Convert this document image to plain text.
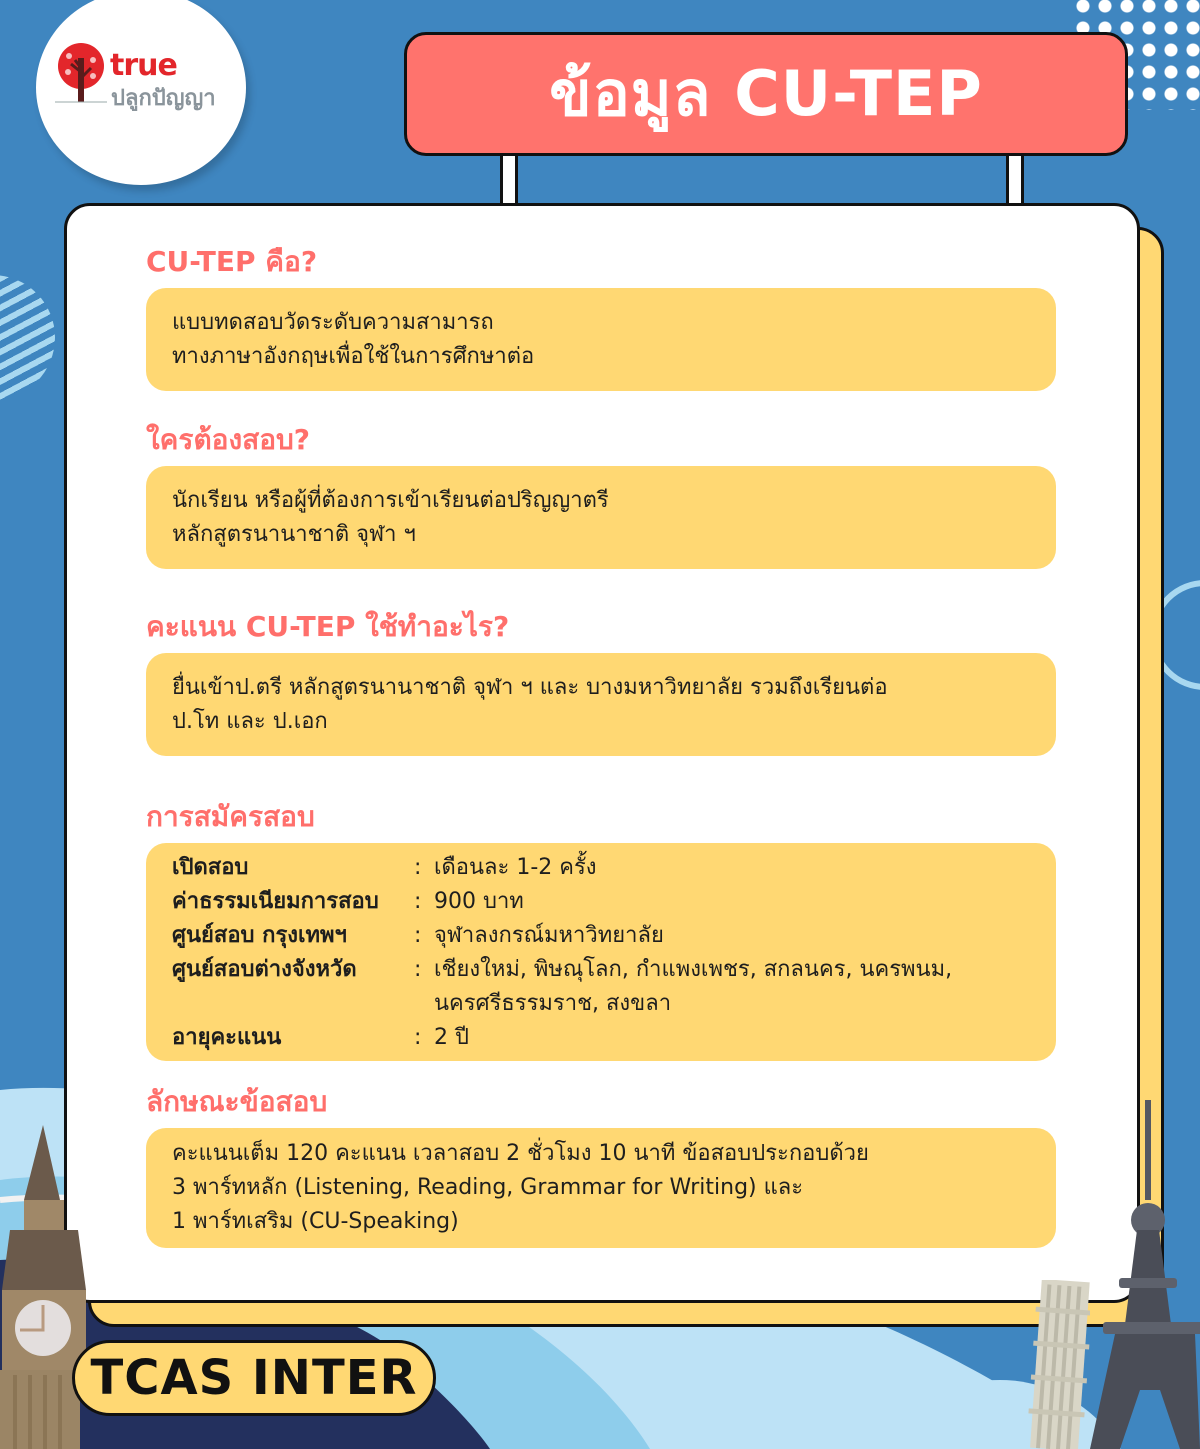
true
ปลูกปัญญา	ข้อมูล CU-TEP
CU-TEP คือ?

แบบทดสอบวัดระดับความสามารถ

ทางภาษาอังกฤษเพื่อใช้ในการศึกษาต่อ

ใครต้องสอบ?

นักเรียน หรือผู้ที่ต้องการเข้าเรียนต่อปริญญาตรี

หลักสูตรนานาชาติ จุฬา ฯ

คะแนน CU-TEP ใช้ทำอะไร?

ยื่นเข้าป.ตรี หลักสูตรนานาชาติ จุฬา ฯ และ บางมหาวิทยาลัย รวมถึงเรียนต่อ

ป.โท และ ป.เอก

การสมัครสอบ
เปิดสอบ	: เดือนละ 1-2 ครั้ง
ค่าธรรมเนียมการสอบ	: 900 บาท
ศูนย์สอบ กรุงเทพฯ	: จุฬาลงกรณ์มหาวิทยาลัย
ศูนย์สอบต่างจังหวัด	: เชียงใหม่, พิษณุโลก, กำแพงเพชร, สกลนคร, นครพนม,
นครศรีธรรมราช, สงขลา
อายุคะแนน	: 2 ปี
ลักษณะข้อสอบ

คะแนนเต็ม 120 คะแนน เวลาสอบ 2 ชั่วโมง 10 นาที ข้อสอบประกอบด้วย

3 พาร์ทหลัก (Listening, Reading, Grammar for Writing) และ

1 พาร์ทเสริม (CU-Speaking)

TCAS INTER
